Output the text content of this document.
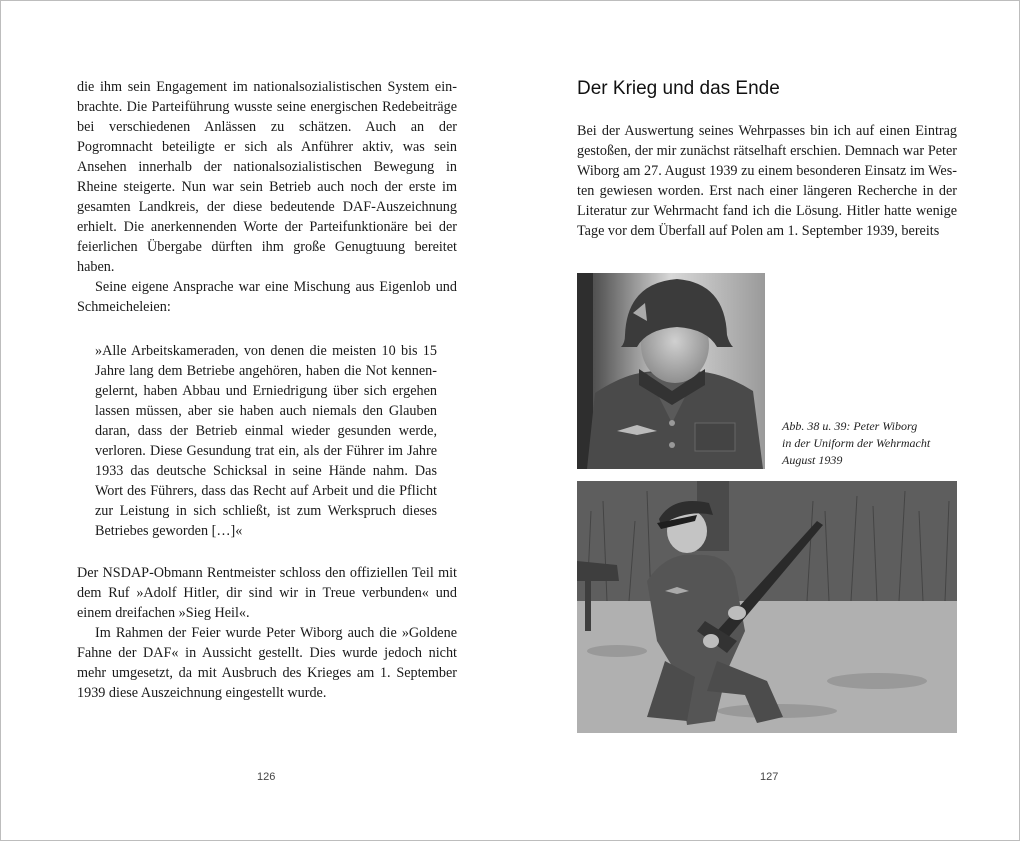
die ihm sein Engagement im nationalsozialistischen System einbrachte. Die Parteiführung wusste seine energischen Redebeiträge bei verschiedenen Anlässen zu schätzen. Auch an der Pogromnacht beteiligte er sich als Anführer aktiv, was sein Ansehen innerhalb der nationalsozialistischen Bewegung in Rheine steigerte. Nun war sein Betrieb auch noch der erste im gesamten Landkreis, der diese bedeutende DAF-Auszeichnung erhielt. Die anerkennenden Worte der Parteifunktionäre bei der feierlichen Übergabe dürften ihm große Genugtuung bereitet haben.

Seine eigene Ansprache war eine Mischung aus Eigenlob und Schmeicheleien:

»Alle Arbeitskameraden, von denen die meisten 10 bis 15 Jahre lang dem Betriebe angehören, haben die Not kennengelernt, haben Abbau und Erniedrigung über sich ergehen lassen müssen, aber sie haben auch niemals den Glauben daran, dass der Betrieb einmal wieder gesunden werde, verloren. Diese Gesundung trat ein, als der Führer im Jahre 1933 das deutsche Schicksal in seine Hände nahm. Das Wort des Führers, dass das Recht auf Arbeit und die Pflicht zur Leistung in sich schließt, ist zum Werkspruch dieses Betriebes geworden […]«

Der NSDAP-Obmann Rentmeister schloss den offiziellen Teil mit dem Ruf »Adolf Hitler, dir sind wir in Treue verbunden« und einem dreifachen »Sieg Heil«.

Im Rahmen der Feier wurde Peter Wiborg auch die »Goldene Fahne der DAF« in Aussicht gestellt. Dies wurde jedoch nicht mehr umgesetzt, da mit Ausbruch des Krieges am 1. September 1939 diese Auszeichnung eingestellt wurde.

126
Der Krieg und das Ende

Bei der Auswertung seines Wehrpasses bin ich auf einen Eintrag gestoßen, der mir zunächst rätselhaft erschien. Demnach war Peter Wiborg am 27. August 1939 zu einem besonderen Einsatz im Westen gewiesen worden. Erst nach einer längeren Recherche in der Literatur zur Wehrmacht fand ich die Lösung. Hitler hatte wenige Tage vor dem Überfall auf Polen am 1. September 1939, bereits

Abb. 38 u. 39: Peter Wiborg
in der Uniform der Wehrmacht
August 1939
127
